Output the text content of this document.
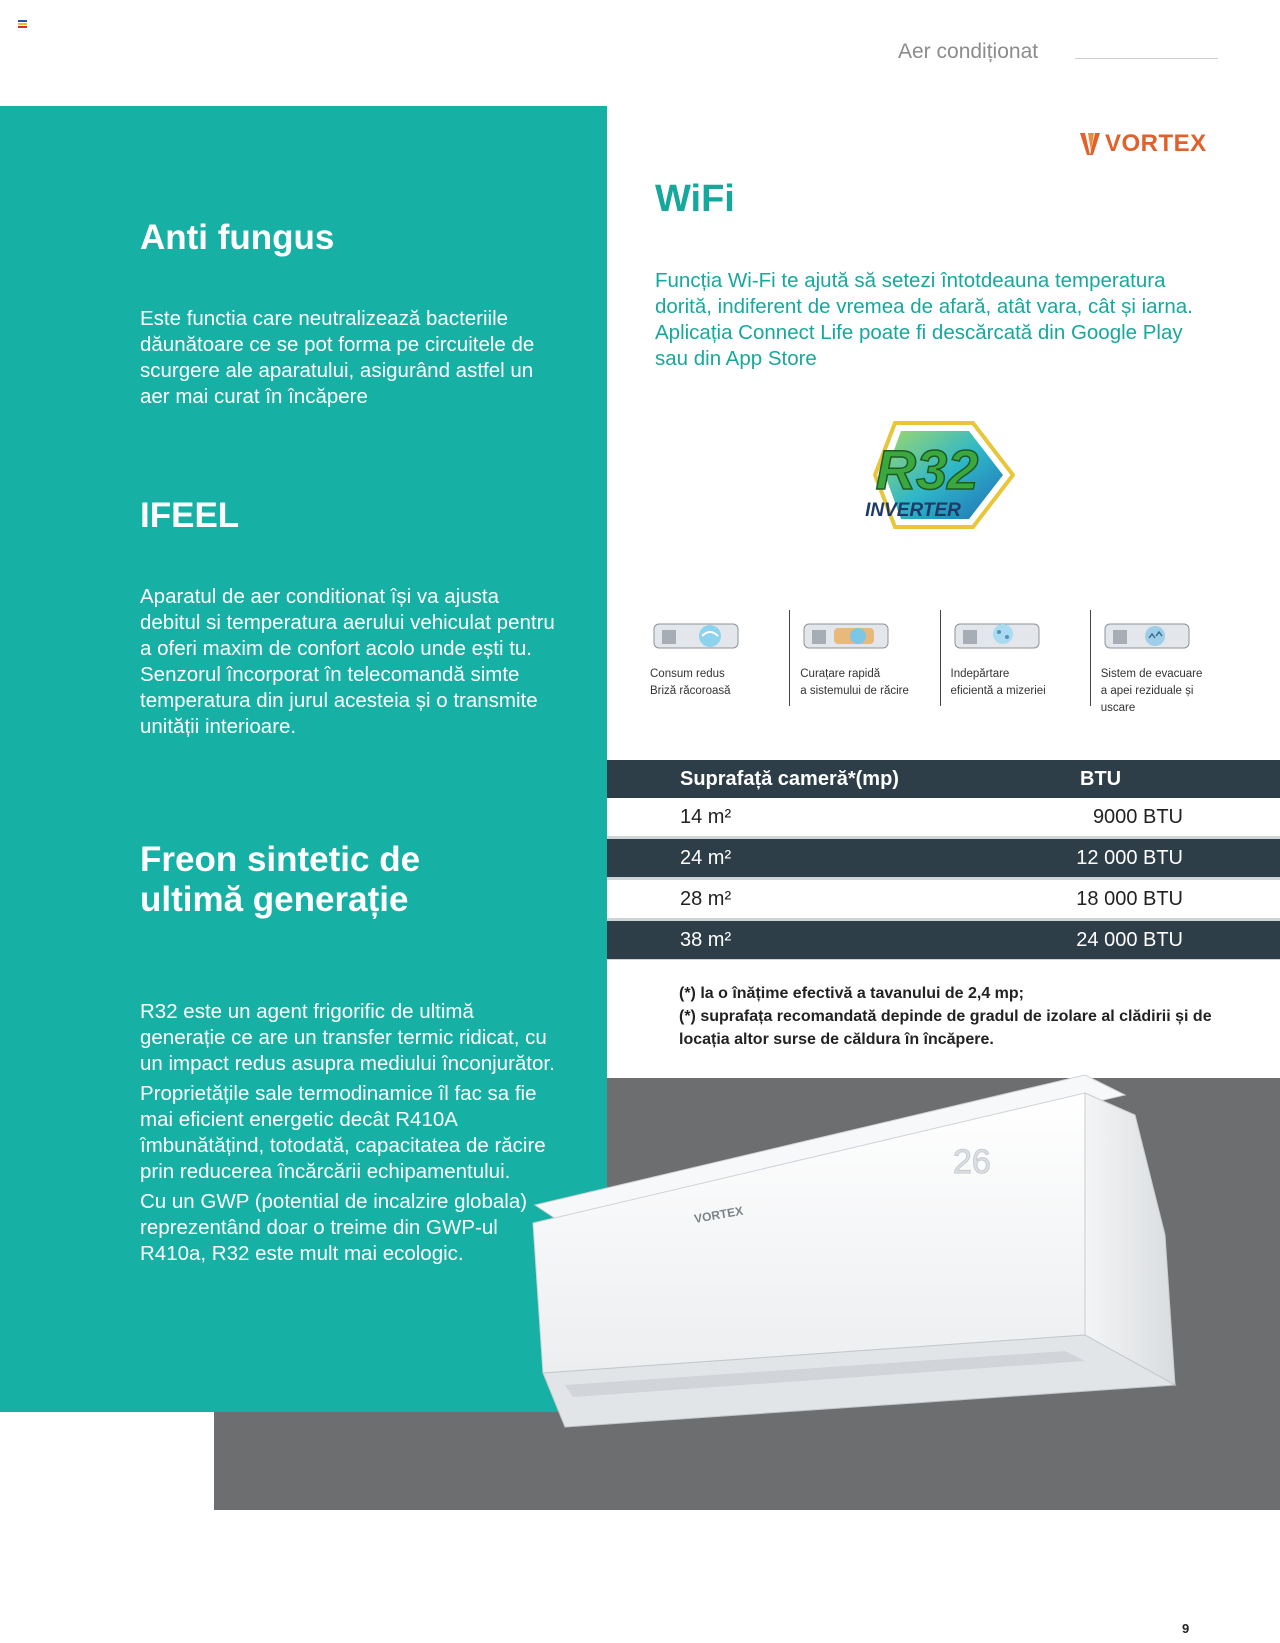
Aer condiționat
Anti fungus

Este functia care neutralizează bacteriile dăunătoare ce se pot forma pe circuitele de scurgere ale aparatului, asigurând astfel un aer mai curat în încăpere

IFEEL

Aparatul de aer conditionat își va ajusta debitul si temperatura aerului vehiculat pentru a oferi maxim de confort acolo unde ești tu. Senzorul încorporat în telecomandă simte temperatura din jurul acesteia și o transmite unității interioare.

Freon sintetic de
ultimă generație

R32 este un agent frigorific de ultimă generație ce are un transfer termic ridicat, cu un impact redus asupra mediului înconjurător.

Proprietățile sale termodinamice îl fac sa fie mai eficient energetic decât R410A îmbunătățind, totodată, capacitatea de răcire prin reducerea încărcării echipamentului.

Cu un GWP (potential de incalzire globala) reprezentând doar o treime din GWP-ul R410a, R32 este mult mai ecologic.

VORTEX
WiFi
Funcția Wi-Fi te ajută să setezi întotdeauna temperatura dorită, indiferent de vremea de afară, atât vara, cât și iarna. Aplicația Connect Life poate fi descărcată din Google Play sau din App Store
R32
INVERTER
Consum redus
Briză răcoroasă
Curațare rapidă
a sistemului de răcire
Indepărtare
eficientă a mizeriei
Sistem de evacuare
a apei reziduale și uscare
Suprafață cameră*(mp)	BTU
14 m²	9000 BTU
24 m²	12 000 BTU
28 m²	18 000 BTU
38 m²	24 000 BTU

(*) la o înățime efectivă a tavanului de 2,4 mp;

(*) suprafața recomandată depinde de gradul de izolare al clădirii și de locația altor surse de căldura în încăpere.

26
VORTEX
9
